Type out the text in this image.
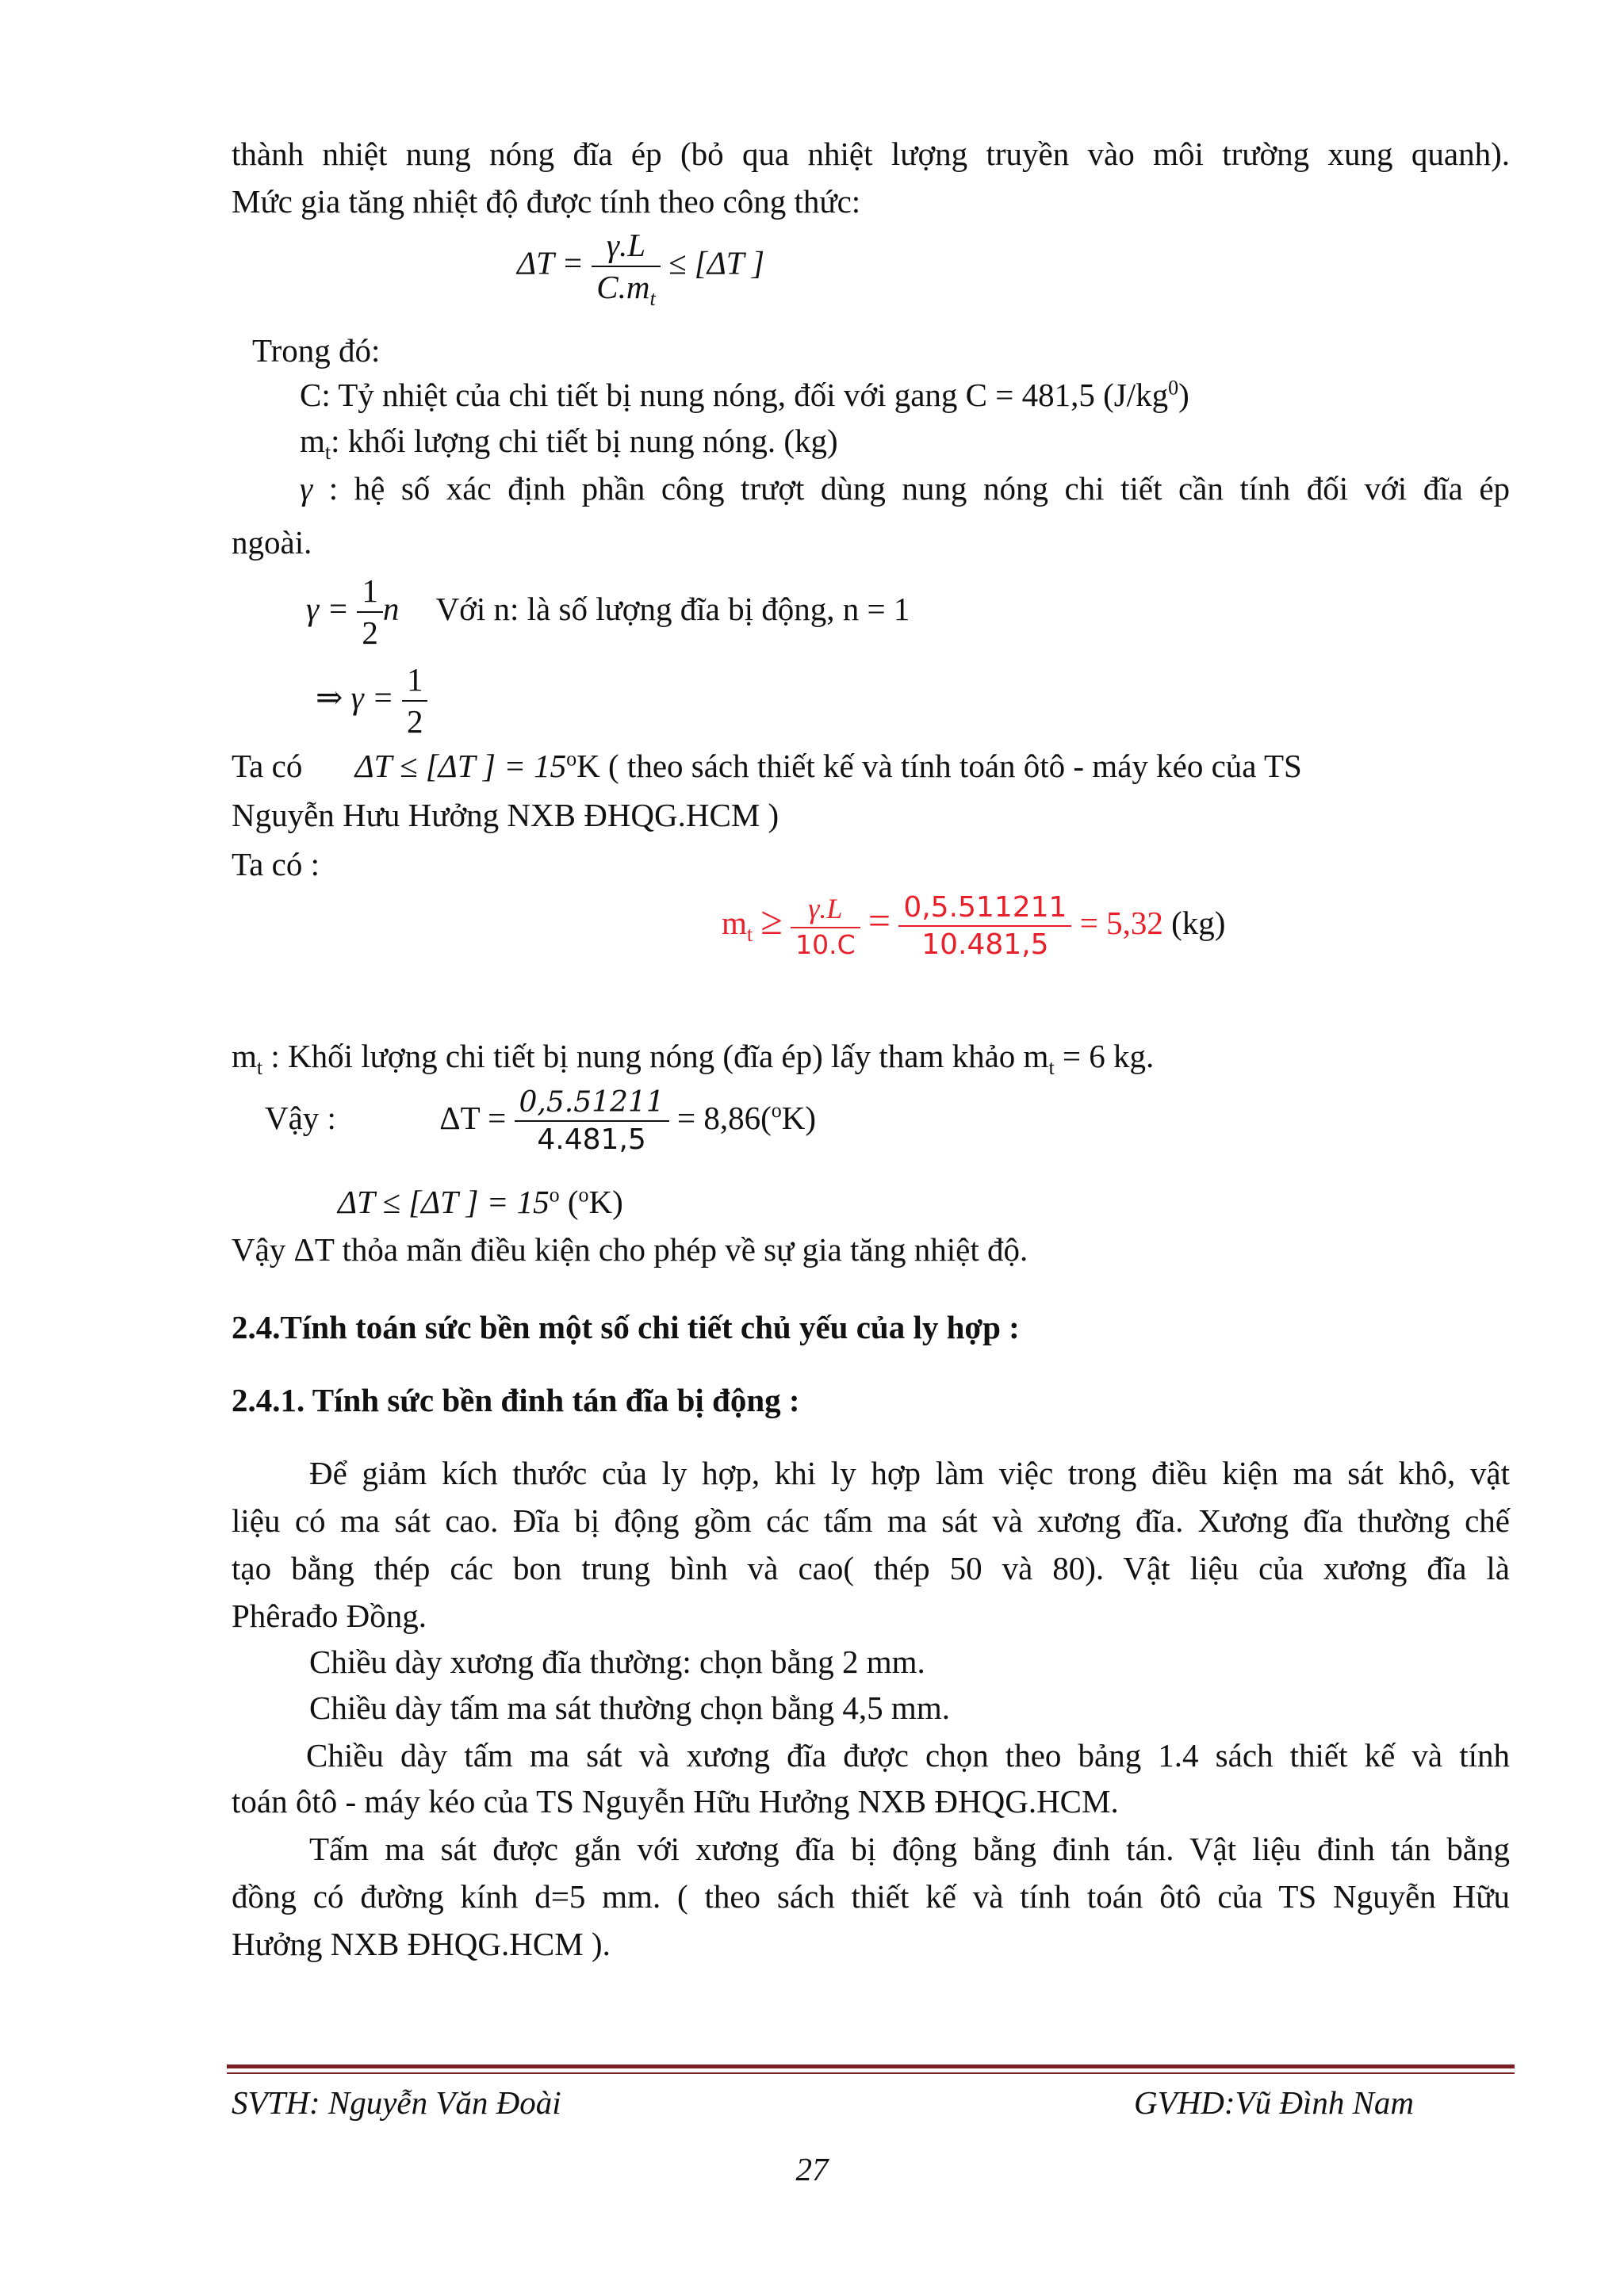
thành nhiệt nung nóng đĩa ép (bỏ qua nhiệt lượng truyền vào môi trường xung quanh).
Mức gia tăng nhiệt độ được tính theo công thức:
$\Delta T = \frac{\gamma.L}{C.m_t} \le [\Delta T$ ]
Trong đó:
C: Tỷ nhiệt của chi tiết bị nung nóng, đối với gang C = 481,5 $(J/kg^0)$
$m_t$: khối lượng chi tiết bị nung nóng. (kg)
γ : hệ số xác định phần công trượt dùng nung nóng chi tiết cần tính đối với đĩa ép
ngoài.
$\gamma = \frac{1}{2}$ n Với n: là số lượng đĩa bị động, n = 1
⇒ $\gamma = \frac{1}{2}$
Ta có ΔT ≤ [ΔT ] = $15^oK$ ( theo sách thiết kế và tính toán ôtô - máy kéo của TS
Nguyễn Hưu Hưởng NXB ĐHQG.HCM )
Ta có :
$m_t \ge \frac{\gamma.L}{10.C} = \frac{0,5.511211}{10.481,5} = 5,32$ (kg)
$m_t$ : Khối lượng chi tiết bị nung nóng (đĩa ép) lấy tham khảo $m_t = 6$ kg.
Vậy :	$\Delta T = \frac{0,5.51211}{4.481,5} = 8,86(^oK)$
ΔT ≤ [ΔT ] = $15^o$ ($^o$K)
Vậy ΔT thỏa mãn điều kiện cho phép về sự gia tăng nhiệt độ.
2.4.Tính toán sức bền một số chi tiết chủ yếu của ly hợp :
2.4.1. Tính sức bền đinh tán đĩa bị động :
Để giảm kích thước của ly hợp, khi ly hợp làm việc trong điều kiện ma sát khô, vật
liệu có ma sát cao. Đĩa bị động gồm các tấm ma sát và xương đĩa. Xương đĩa thường chế
tạo bằng thép các bon trung bình và cao( thép 50 và 80). Vật liệu của xương đĩa là
Phêrađo Đồng.
Chiều dày xương đĩa thường: chọn bằng 2 mm.
Chiều dày tấm ma sát thường chọn bằng 4,5 mm.
Chiều dày tấm ma sát và xương đĩa được chọn theo bảng 1.4 sách thiết kế và tính
toán ôtô - máy kéo của TS Nguyễn Hữu Hưởng NXB ĐHQG.HCM.
Tấm ma sát được gắn với xương đĩa bị động bằng đinh tán. Vật liệu đinh tán bằng
đồng có đường kính d=5 mm. ( theo sách thiết kế và tính toán ôtô của TS Nguyễn Hữu
Hưởng NXB ĐHQG.HCM ).
SVTH: Nguyễn Văn Đoài	GVHD:Vũ Đình Nam
27
